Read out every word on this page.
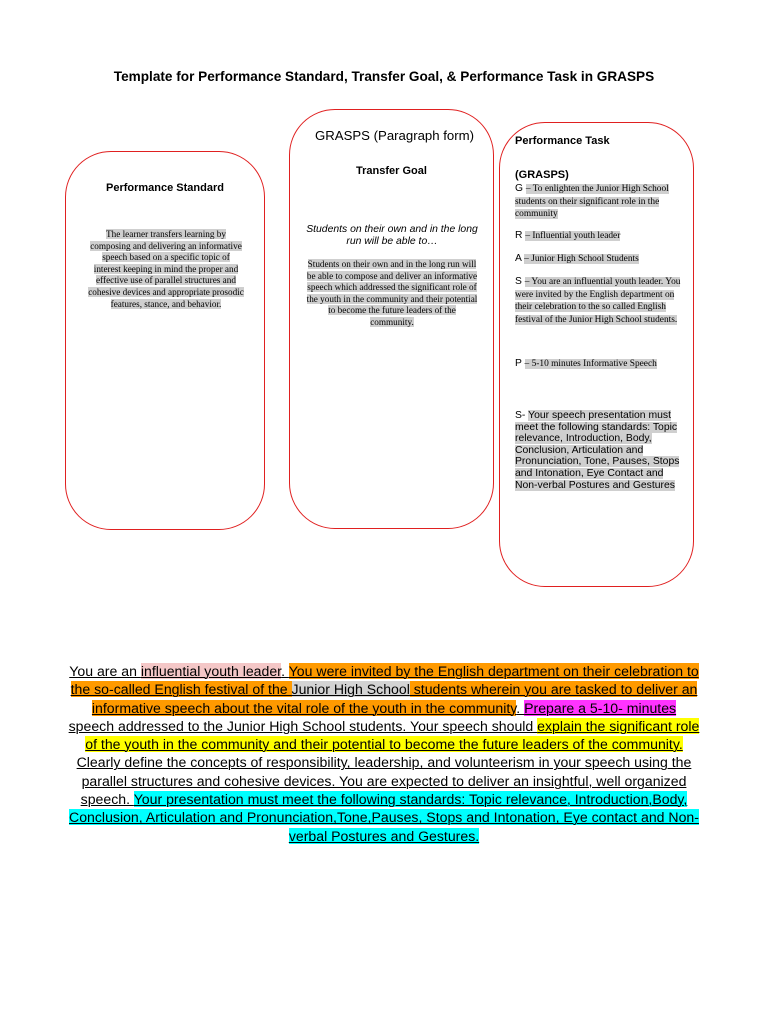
Template for Performance Standard, Transfer Goal, & Performance Task in GRASPS
Performance Standard
The learner transfers learning by composing and delivering an informative speech based on a specific topic of interest keeping in mind the proper and effective use of parallel structures and cohesive devices and appropriate prosodic features, stance, and behavior.
GRASPS (Paragraph form)
Transfer Goal
Students on their own and in the long run will be able to…
Students on their own and in the long run will be able to compose and deliver an informative speech which addressed the significant role of the youth in the community and their potential to become the future leaders of the community.
Performance Task
(GRASPS)
G – To enlighten the Junior High School students on their significant role in the community
R – Influential youth leader
A – Junior High School Students
S – You are an influential youth leader. You were invited by the English department on their celebration to the so called English festival of the Junior High School students.
P – 5-10 minutes Informative Speech
S- Your speech presentation must meet the following standards: Topic relevance, Introduction, Body, Conclusion, Articulation and Pronunciation, Tone, Pauses, Stops and Intonation, Eye Contact and Non-verbal Postures and Gestures
You are an influential youth leader. You were invited by the English department on their celebration to the so-called English festival of the Junior High School students wherein you are tasked to deliver an informative speech about the vital role of the youth in the community. Prepare a 5-10- minutes speech addressed to the Junior High School students. Your speech should explain the significant role of the youth in the community and their potential to become the future leaders of the community. Clearly define the concepts of responsibility, leadership, and volunteerism in your speech using the parallel structures and cohesive devices. You are expected to deliver an insightful, well organized speech. Your presentation must meet the following standards: Topic relevance, Introduction,Body, Conclusion, Articulation and Pronunciation,Tone,Pauses, Stops and Intonation, Eye contact and Non- verbal Postures and Gestures.
